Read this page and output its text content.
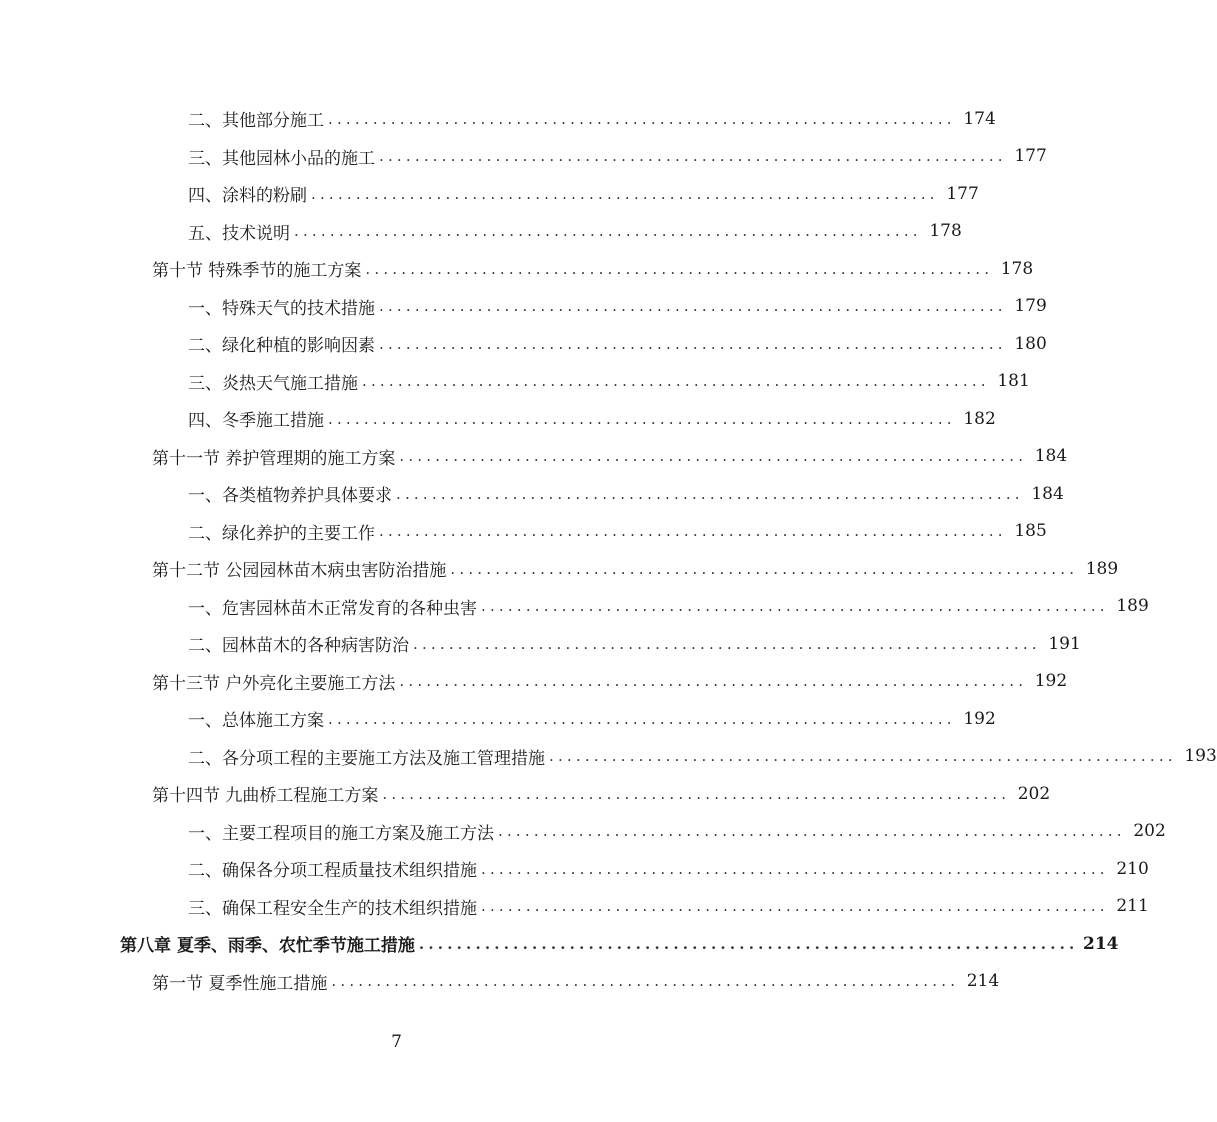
二、其他部分施工 ...................................................................... 174
三、其他园林小品的施工 ...................................................................... 177
四、涂料的粉刷 ...................................................................... 177
五、技术说明 ...................................................................... 178
第十节 特殊季节的施工方案 ...................................................................... 178
一、特殊天气的技术措施 ...................................................................... 179
二、绿化种植的影响因素 ...................................................................... 180
三、炎热天气施工措施 ...................................................................... 181
四、冬季施工措施 ...................................................................... 182
第十一节 养护管理期的施工方案 ...................................................................... 184
一、各类植物养护具体要求 ...................................................................... 184
二、绿化养护的主要工作 ...................................................................... 185
第十二节 公园园林苗木病虫害防治措施 ...................................................................... 189
一、危害园林苗木正常发育的各种虫害 ...................................................................... 189
二、园林苗木的各种病害防治 ...................................................................... 191
第十三节 户外亮化主要施工方法 ...................................................................... 192
一、总体施工方案 ...................................................................... 192
二、各分项工程的主要施工方法及施工管理措施 ...................................................................... 193
第十四节 九曲桥工程施工方案 ...................................................................... 202
一、主要工程项目的施工方案及施工方法 ...................................................................... 202
二、确保各分项工程质量技术组织措施 ...................................................................... 210
三、确保工程安全生产的技术组织措施 ...................................................................... 211
第八章 夏季、雨季、农忙季节施工措施 ...................................................................... 214
第一节 夏季性施工措施 ...................................................................... 214
7
